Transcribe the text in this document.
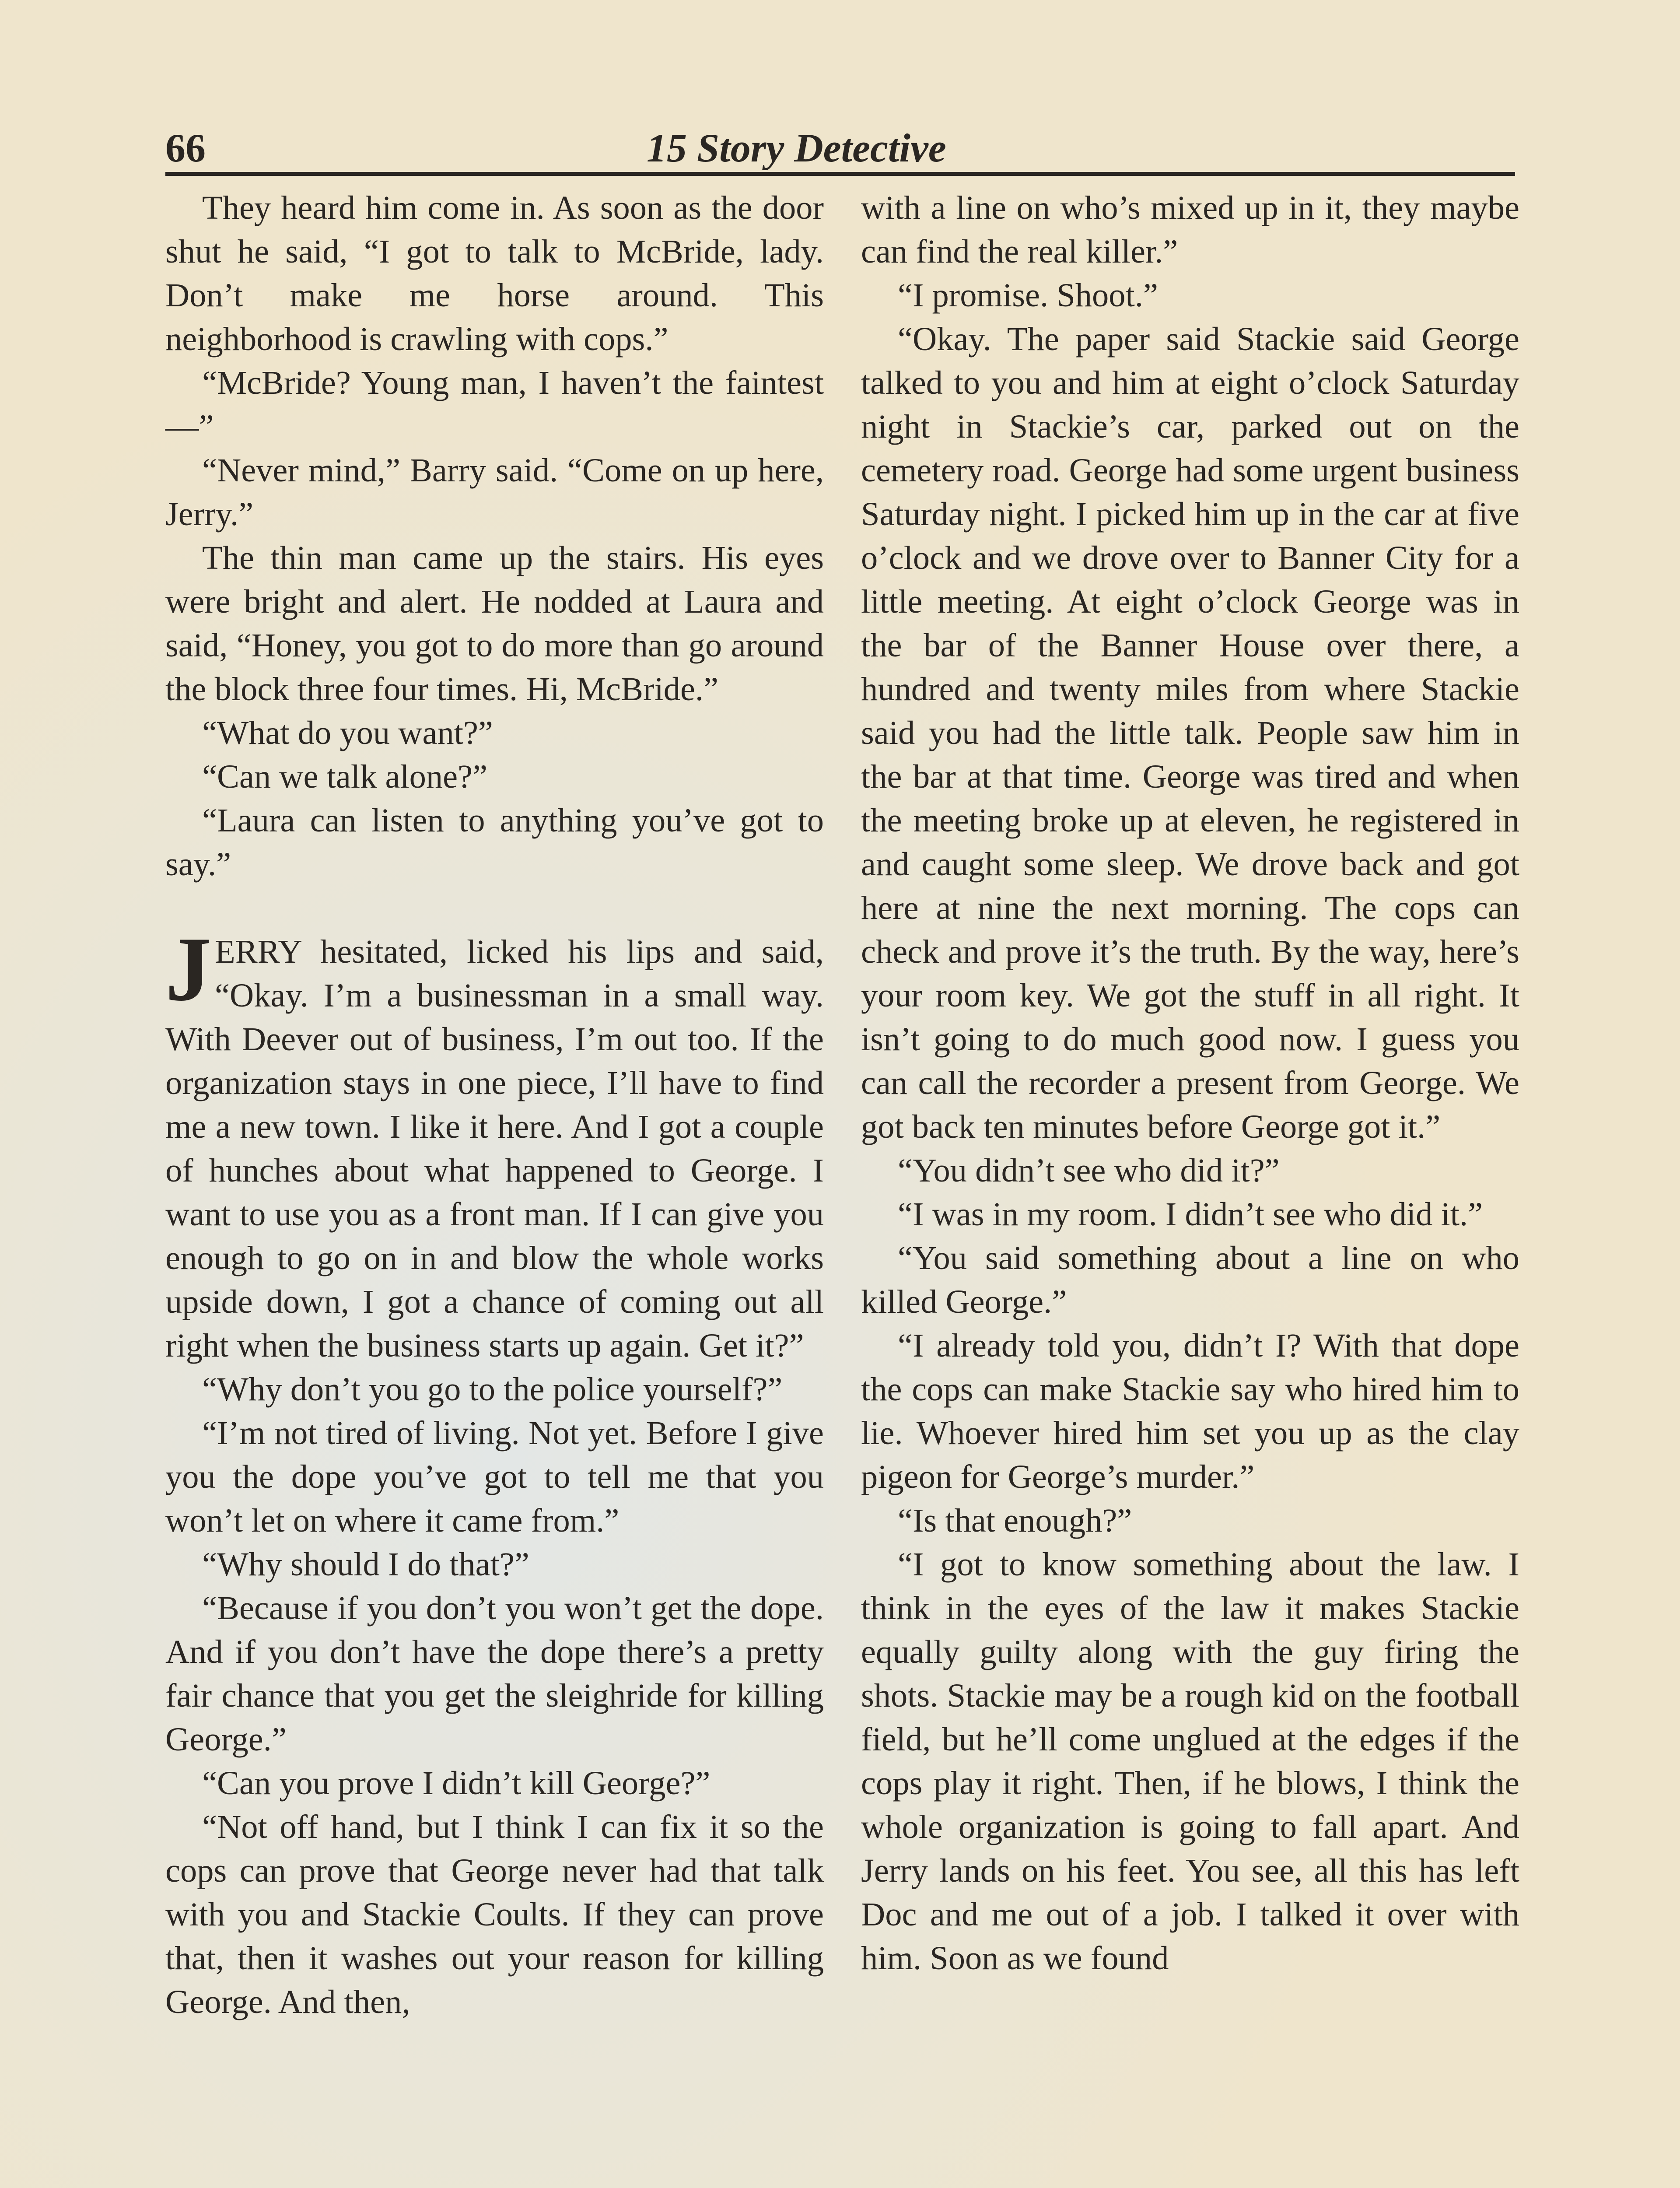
66	15 Story Detective

They heard him come in. As soon as the door shut he said, “I got to talk to McBride, lady. Don’t make me horse around. This neighborhood is crawling with cops.”

“McBride? Young man, I haven’t the faintest—”

“Never mind,” Barry said. “Come on up here, Jerry.”

The thin man came up the stairs. His eyes were bright and alert. He nodded at Laura and said, “Honey, you got to do more than go around the block three four times. Hi, McBride.”

“What do you want?”

“Can we talk alone?”

“Laura can listen to anything you’ve got to say.”

JERRY hesitated, licked his lips and said, “Okay. I’m a businessman in a small way. With Deever out of business, I’m out too. If the organization stays in one piece, I’ll have to find me a new town. I like it here. And I got a couple of hunches about what happened to George. I want to use you as a front man. If I can give you enough to go on in and blow the whole works upside down, I got a chance of coming out all right when the business starts up again. Get it?”

“Why don’t you go to the police yourself?”

“I’m not tired of living. Not yet. Before I give you the dope you’ve got to tell me that you won’t let on where it came from.”

“Why should I do that?”

“Because if you don’t you won’t get the dope. And if you don’t have the dope there’s a pretty fair chance that you get the sleighride for killing George.”

“Can you prove I didn’t kill George?”

“Not off hand, but I think I can fix it so the cops can prove that George never had that talk with you and Stackie Coults. If they can prove that, then it washes out your reason for killing George. And then,

with a line on who’s mixed up in it, they maybe can find the real killer.”

“I promise. Shoot.”

“Okay. The paper said Stackie said George talked to you and him at eight o’clock Saturday night in Stackie’s car, parked out on the cemetery road. George had some urgent business Saturday night. I picked him up in the car at five o’clock and we drove over to Banner City for a little meeting. At eight o’clock George was in the bar of the Banner House over there, a hundred and twenty miles from where Stackie said you had the little talk. People saw him in the bar at that time. George was tired and when the meeting broke up at eleven, he registered in and caught some sleep. We drove back and got here at nine the next morning. The cops can check and prove it’s the truth. By the way, here’s your room key. We got the stuff in all right. It isn’t going to do much good now. I guess you can call the recorder a present from George. We got back ten minutes before George got it.”

“You didn’t see who did it?”

“I was in my room. I didn’t see who did it.”

“You said something about a line on who killed George.”

“I already told you, didn’t I? With that dope the cops can make Stackie say who hired him to lie. Whoever hired him set you up as the clay pigeon for George’s murder.”

“Is that enough?”

“I got to know something about the law. I think in the eyes of the law it makes Stackie equally guilty along with the guy firing the shots. Stackie may be a rough kid on the football field, but he’ll come unglued at the edges if the cops play it right. Then, if he blows, I think the whole organization is going to fall apart. And Jerry lands on his feet. You see, all this has left Doc and me out of a job. I talked it over with him. Soon as we found
